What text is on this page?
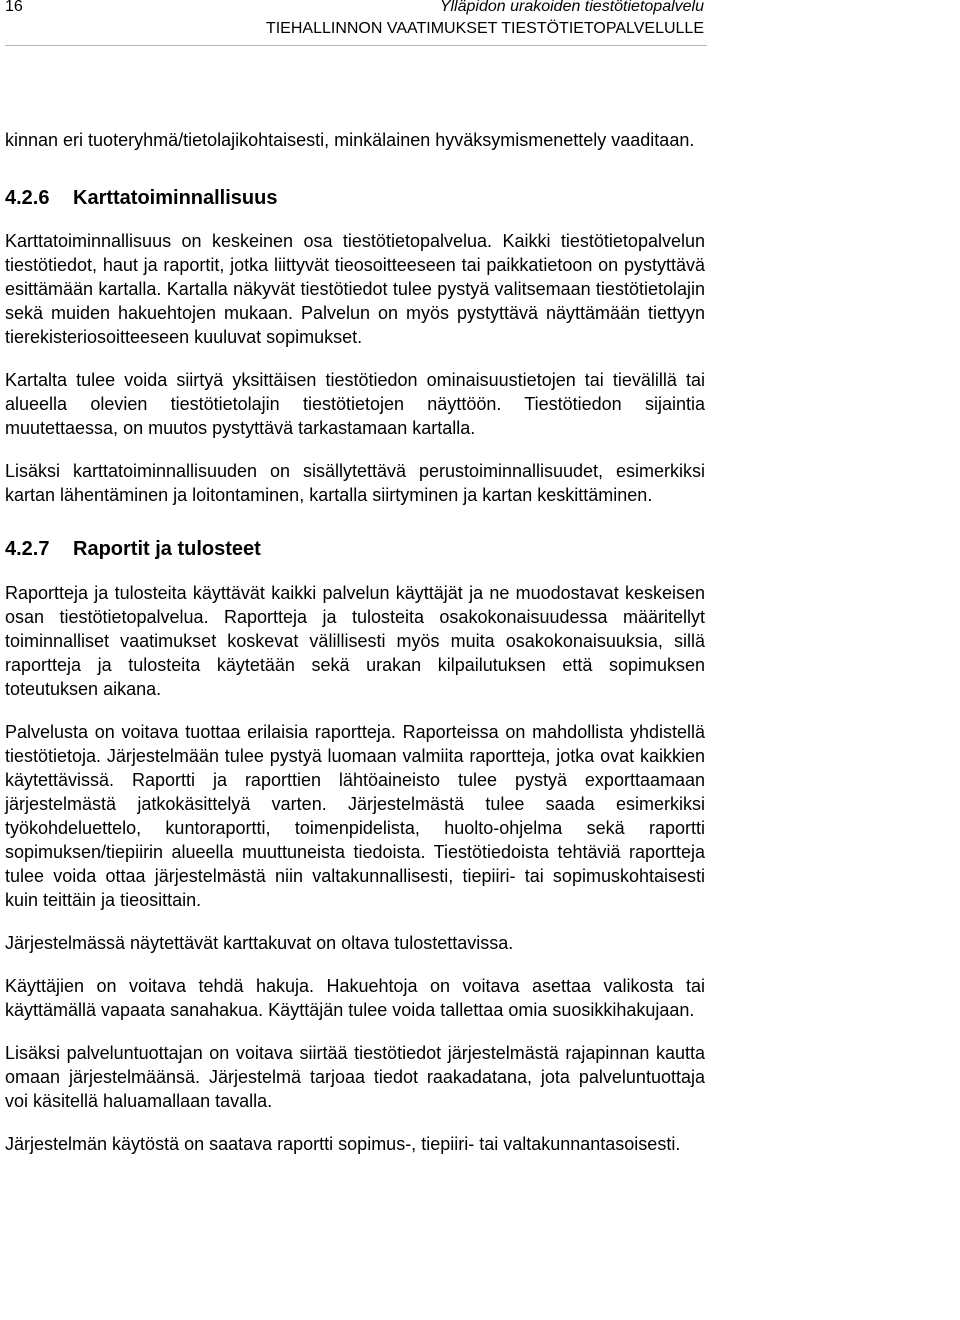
16	Ylläpidon urakoiden tiestötietopalvelu
TIEHALLINNON VAATIMUKSET TIESTÖTIETOPALVELULLE

kinnan eri tuoteryhmä/tietolajikohtaisesti, minkälainen hyväksymismenettely vaaditaan.

4.2.6	Karttatoiminnallisuus

Karttatoiminnallisuus on keskeinen osa tiestötietopalvelua. Kaikki tiestötietopalvelun tiestötiedot, haut ja raportit, jotka liittyvät tieosoitteeseen tai paikkatietoon on pystyttävä esittämään kartalla. Kartalla näkyvät tiestötiedot tulee pystyä valitsemaan tiestötietolajin sekä muiden hakuehtojen mukaan. Palvelun on myös pystyttävä näyttämään tiettyyn tierekisteriosoitteeseen kuuluvat sopimukset.

Kartalta tulee voida siirtyä yksittäisen tiestötiedon ominaisuustietojen tai tievälillä tai alueella olevien tiestötietolajin tiestötietojen näyttöön. Tiestötiedon sijaintia muutettaessa, on muutos pystyttävä tarkastamaan kartalla.

Lisäksi karttatoiminnallisuuden on sisällytettävä perustoiminnallisuudet, esimerkiksi kartan lähentäminen ja loitontaminen, kartalla siirtyminen ja kartan keskittäminen.

4.2.7	Raportit ja tulosteet

Raportteja ja tulosteita käyttävät kaikki palvelun käyttäjät ja ne muodostavat keskeisen osan tiestötietopalvelua. Raportteja ja tulosteita osakokonaisuudessa määritellyt toiminnalliset vaatimukset koskevat välillisesti myös muita osakokonaisuuksia, sillä raportteja ja tulosteita käytetään sekä urakan kilpailutuksen että sopimuksen toteutuksen aikana.

Palvelusta on voitava tuottaa erilaisia raportteja. Raporteissa on mahdollista yhdistellä tiestötietoja. Järjestelmään tulee pystyä luomaan valmiita raportteja, jotka ovat kaikkien käytettävissä. Raportti ja raporttien lähtöaineisto tulee pystyä exporttaamaan järjestelmästä jatkokäsittelyä varten. Järjestelmästä tulee saada esimerkiksi työkohdeluettelo, kuntoraportti, toimenpidelista, huolto-ohjelma sekä raportti sopimuksen/tiepiirin alueella muuttuneista tiedoista. Tiestötiedoista tehtäviä raportteja tulee voida ottaa järjestelmästä niin valtakunnallisesti, tiepiiri- tai sopimuskohtaisesti kuin teittäin ja tieosittain.

Järjestelmässä näytettävät karttakuvat on oltava tulostettavissa.

Käyttäjien on voitava tehdä hakuja. Hakuehtoja on voitava asettaa valikosta tai käyttämällä vapaata sanahakua. Käyttäjän tulee voida tallettaa omia suosikkihakujaan.

Lisäksi palveluntuottajan on voitava siirtää tiestötiedot järjestelmästä rajapinnan kautta omaan järjestelmäänsä. Järjestelmä tarjoaa tiedot raakadatana, jota palveluntuottaja voi käsitellä haluamallaan tavalla.

Järjestelmän käytöstä on saatava raportti sopimus-, tiepiiri- tai valtakunnantasoisesti.
